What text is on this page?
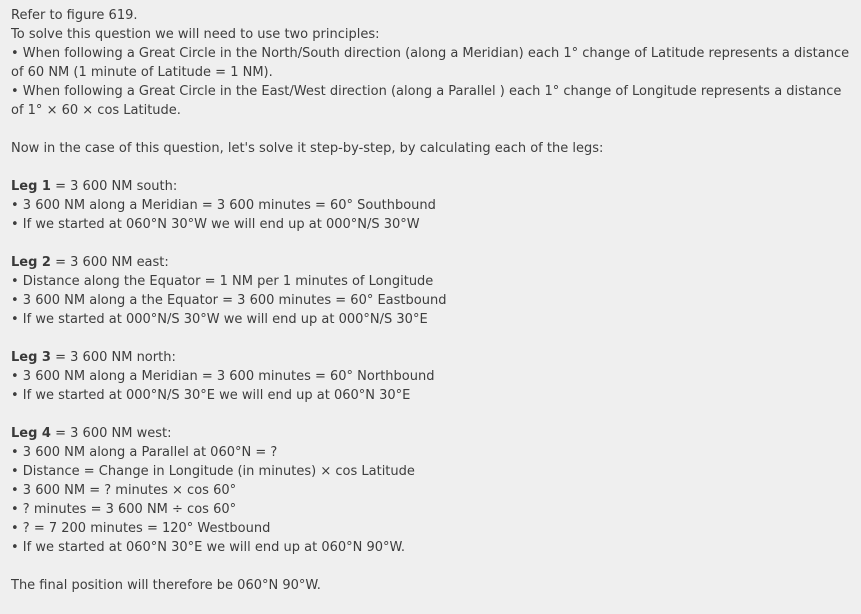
Refer to figure 619.
To solve this question we will need to use two principles:
• When following a Great Circle in the North/South direction (along a Meridian) each 1° change of Latitude represents a distance of 60 NM (1 minute of Latitude = 1 NM).
• When following a Great Circle in the East/West direction (along a Parallel ) each 1° change of Longitude represents a distance of 1° × 60 × cos Latitude.
Now in the case of this question, let's solve it step-by-step, by calculating each of the legs:
Leg 1 = 3 600 NM south:
• 3 600 NM along a Meridian = 3 600 minutes = 60° Southbound
• If we started at 060°N 30°W we will end up at 000°N/S 30°W
Leg 2 = 3 600 NM east:
• Distance along the Equator = 1 NM per 1 minutes of Longitude
• 3 600 NM along a the Equator = 3 600 minutes = 60° Eastbound
• If we started at 000°N/S 30°W we will end up at 000°N/S 30°E
Leg 3 = 3 600 NM north:
• 3 600 NM along a Meridian = 3 600 minutes = 60° Northbound
• If we started at 000°N/S 30°E we will end up at 060°N 30°E
Leg 4 = 3 600 NM west:
• 3 600 NM along a Parallel at 060°N = ?
• Distance = Change in Longitude (in minutes) × cos Latitude
• 3 600 NM = ? minutes × cos 60°
• ? minutes = 3 600 NM ÷ cos 60°
• ? = 7 200 minutes = 120° Westbound
• If we started at 060°N 30°E we will end up at 060°N 90°W.
The final position will therefore be 060°N 90°W.
